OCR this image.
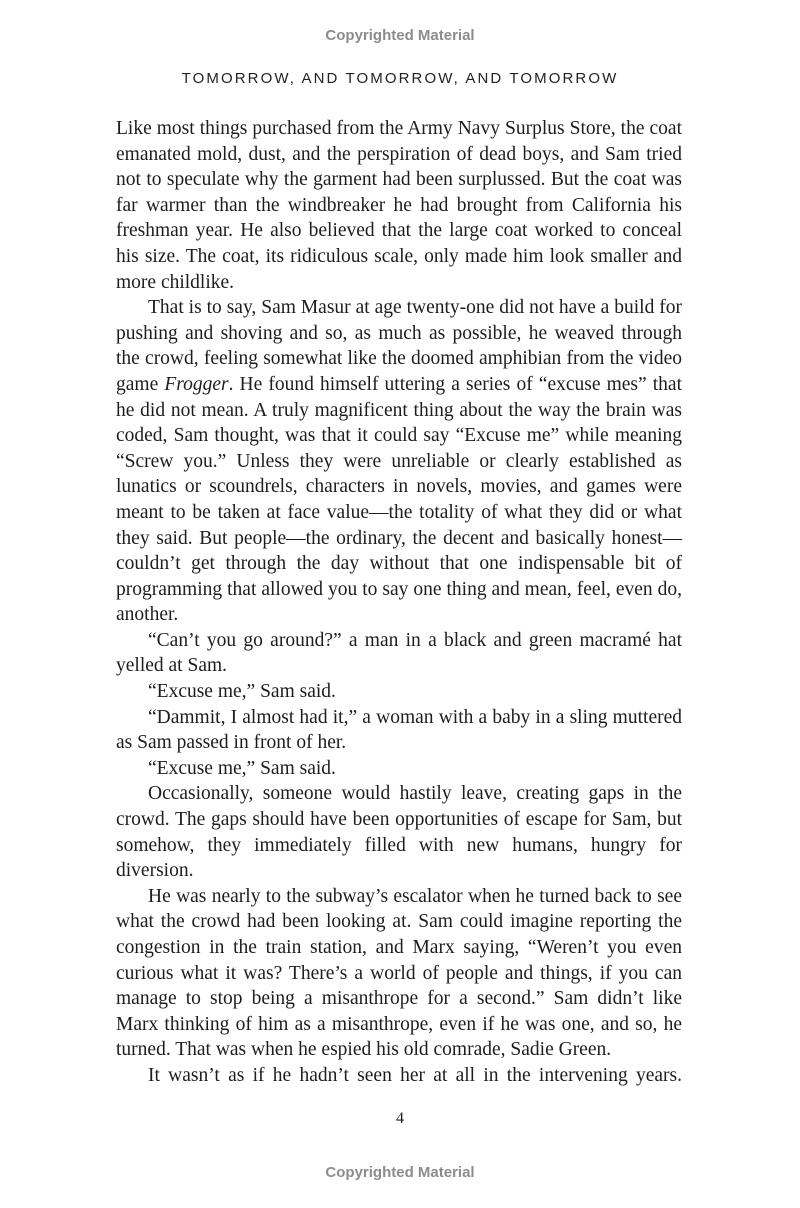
Copyrighted Material
TOMORROW, AND TOMORROW, AND TOMORROW

Like most things purchased from the Army Navy Surplus Store, the coat emanated mold, dust, and the perspiration of dead boys, and Sam tried not to speculate why the garment had been surplussed. But the coat was far warmer than the windbreaker he had brought from California his freshman year. He also believed that the large coat worked to conceal his size. The coat, its ridiculous scale, only made him look smaller and more childlike.

That is to say, Sam Masur at age twenty-one did not have a build for pushing and shoving and so, as much as possible, he weaved through the crowd, feeling somewhat like the doomed amphibian from the video game Frogger. He found himself uttering a series of “excuse mes” that he did not mean. A truly magnificent thing about the way the brain was coded, Sam thought, was that it could say “Excuse me” while meaning “Screw you.” Unless they were unreliable or clearly established as lunatics or scoundrels, characters in novels, movies, and games were meant to be taken at face value—the totality of what they did or what they said. But people—the ordinary, the decent and basically honest—couldn’t get through the day without that one indispensable bit of programming that allowed you to say one thing and mean, feel, even do, another.

“Can’t you go around?” a man in a black and green macramé hat yelled at Sam.

“Excuse me,” Sam said.

“Dammit, I almost had it,” a woman with a baby in a sling muttered as Sam passed in front of her.

“Excuse me,” Sam said.

Occasionally, someone would hastily leave, creating gaps in the crowd. The gaps should have been opportunities of escape for Sam, but somehow, they immediately filled with new humans, hungry for diversion.

He was nearly to the subway’s escalator when he turned back to see what the crowd had been looking at. Sam could imagine reporting the congestion in the train station, and Marx saying, “Weren’t you even curious what it was? There’s a world of people and things, if you can manage to stop being a misanthrope for a second.” Sam didn’t like Marx thinking of him as a misanthrope, even if he was one, and so, he turned. That was when he espied his old comrade, Sadie Green.

It wasn’t as if he hadn’t seen her at all in the intervening years.

4
Copyrighted Material
